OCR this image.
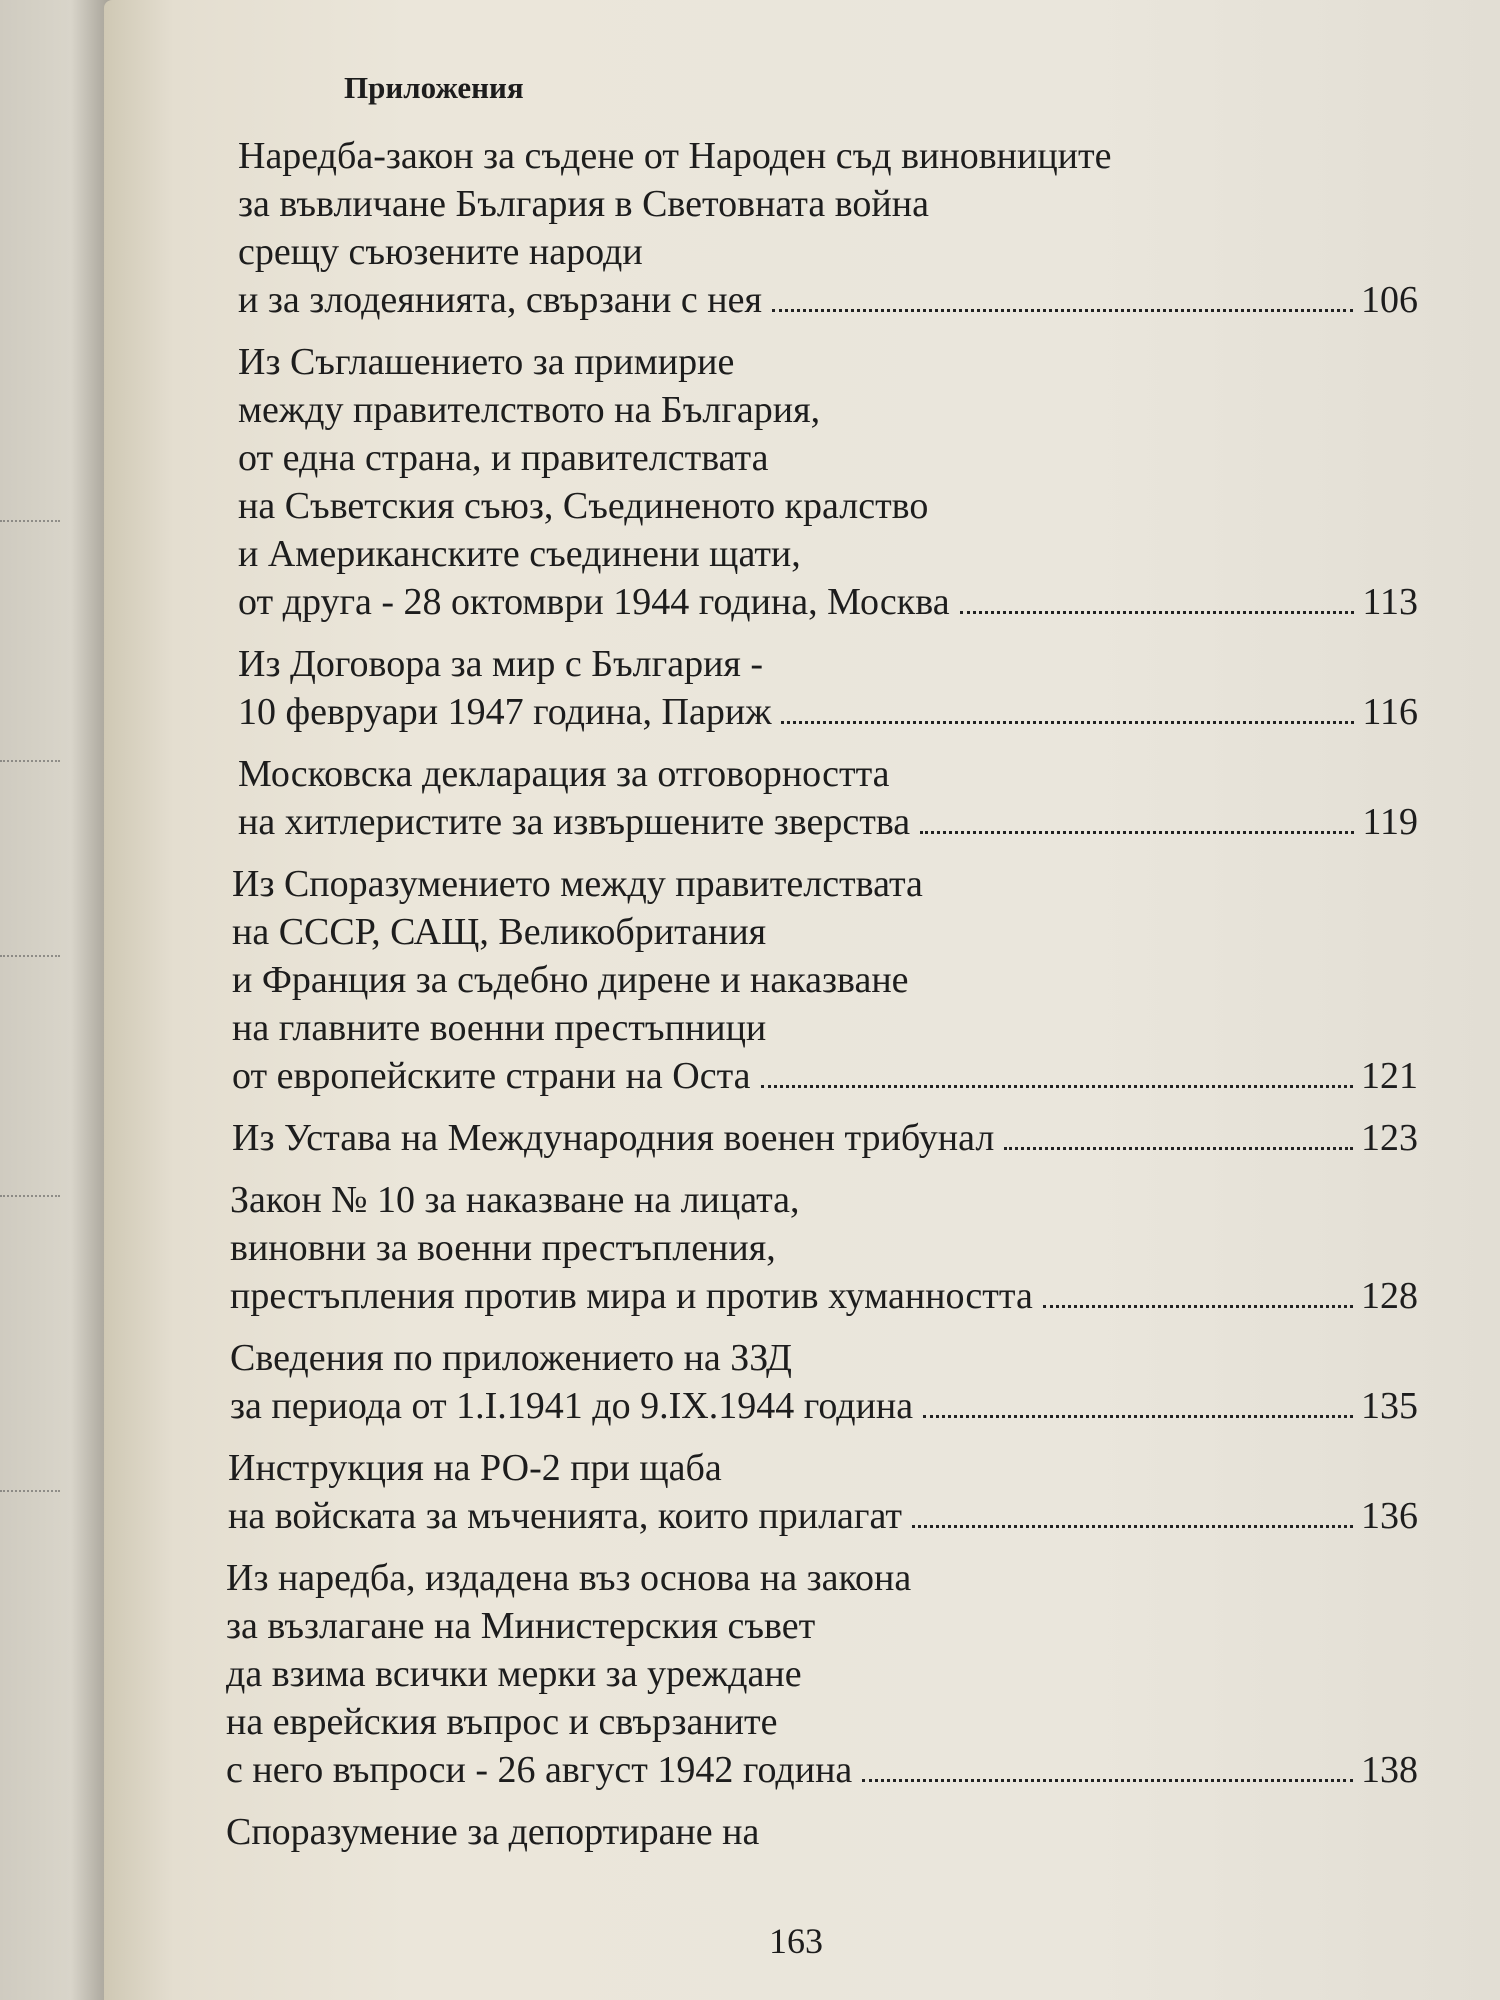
Приложения
Наредба-закон за съдене от Народен съд виновниците
за въвличане България в Световната война
срещу съюзените народи
и за злодеянията, свързани с нея	106
Из Съглашението за примирие
между правителството на България,
от една страна, и правителствата
на Съветския съюз, Съединеното кралство
и Американските съединени щати,
от друга - 28 октомври 1944 година, Москва	113
Из Договора за мир с България -
10 февруари 1947 година, Париж	116
Московска декларация за отговорността
на хитлеристите за извършените зверства	119
Из Споразумението между правителствата
на СССР, САЩ, Великобритания
и Франция за съдебно дирене и наказване
на главните военни престъпници
от европейските страни на Оста	121
Из Устава на Международния военен трибунал	123
Закон № 10 за наказване на лицата,
виновни за военни престъпления,
престъпления против мира и против хуманността	128
Сведения по приложението на ЗЗД
за периода от 1.I.1941 до 9.IX.1944 година	135
Инструкция на РО-2 при щаба
на войската за мъченията, които прилагат	136
Из наредба, издадена въз основа на закона
за възлагане на Министерския съвет
да взима всички мерки за уреждане
на еврейския въпрос и свързаните
с него въпроси - 26 август 1942 година	138
Споразумение за депортиране на
163
